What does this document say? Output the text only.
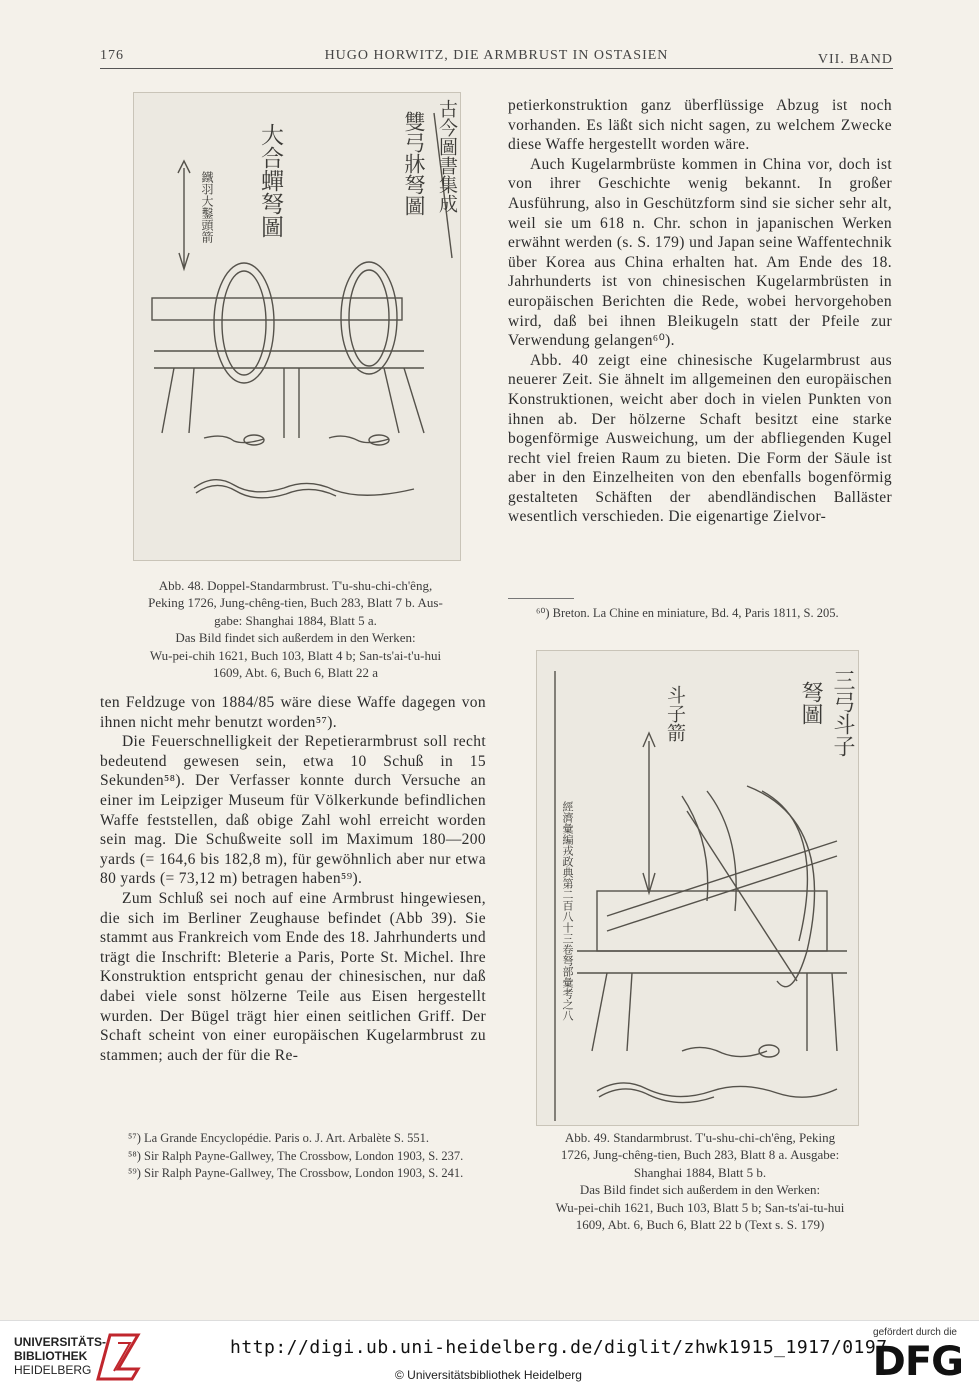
176	HUGO HORWITZ, DIE ARMBRUST IN OSTASIEN	VII. BAND
古今圖書集成
雙弓牀弩圖
大合蟬弩圖
鐵羽大鑿頭箭
Abb. 48. Doppel-Standarmbrust. T'u-shu-chi-ch'êng,
Peking 1726, Jung-chêng-tien, Buch 283, Blatt 7 b. Aus-
gabe: Shanghai 1884, Blatt 5 a.
Das Bild findet sich außerdem in den Werken:
Wu-pei-chih 1621, Buch 103, Blatt 4 b; San-ts'ai-t'u-hui
1609, Abt. 6, Buch 6, Blatt 22 a

petierkonstruktion ganz überflüssige Abzug ist noch vorhanden. Es läßt sich nicht sagen, zu welchem Zwecke diese Waffe hergestellt worden wäre.

Auch Kugelarmbrüste kommen in China vor, doch ist von ihrer Geschichte wenig bekannt. In großer Ausführung, also in Geschützform sind sie sicher sehr alt, weil sie um 618 n. Chr. schon in japanischen Werken erwähnt werden (s. S. 179) und Japan seine Waffentechnik über Korea aus China erhalten hat. Am Ende des 18. Jahrhunderts ist von chinesischen Kugelarmbrüsten in europäischen Berichten die Rede, wobei hervorgehoben wird, daß bei ihnen Bleikugeln statt der Pfeile zur Verwendung gelangen⁶⁰).

Abb. 40 zeigt eine chinesische Kugelarmbrust aus neuerer Zeit. Sie ähnelt im allgemeinen den europäischen Konstruktionen, weicht aber doch in vielen Punkten von ihnen ab. Der hölzerne Schaft besitzt eine starke bogenförmige Ausweichung, um der abfliegenden Kugel recht viel freien Raum zu bieten. Die Form der Säule ist aber in den Einzelheiten von den ebenfalls bogenförmig gestalteten Schäften der abendländischen Balläster wesentlich verschieden. Die eigenartige Zielvor-

⁶⁰) Breton. La Chine en miniature, Bd. 4, Paris 1811, S. 205.

三弓斗子
弩圖
斗子箭
經濟彙編戎政典第二百八十三卷弩部彙考之八
Abb. 49. Standarmbrust. T'u-shu-chi-ch'êng, Peking
1726, Jung-chêng-tien, Buch 283, Blatt 8 a. Ausgabe:
Shanghai 1884, Blatt 5 b.
Das Bild findet sich außerdem in den Werken:
Wu-pei-chih 1621, Buch 103, Blatt 5 b; San-ts'ai-tu-hui
1609, Abt. 6, Buch 6, Blatt 22 b (Text s. S. 179)

ten Feldzuge von 1884/85 wäre diese Waffe dagegen von ihnen nicht mehr benutzt worden⁵⁷).

Die Feuerschnelligkeit der Repetierarmbrust soll recht bedeutend gewesen sein, etwa 10 Schuß in 15 Sekunden⁵⁸). Der Verfasser konnte durch Versuche an einer im Leipziger Museum für Völkerkunde befindlichen Waffe feststellen, daß obige Zahl wohl erreicht worden sein mag. Die Schußweite soll im Maximum 180—200 yards (= 164,6 bis 182,8 m), für gewöhnlich aber nur etwa 80 yards (= 73,12 m) betragen haben⁵⁹).

Zum Schluß sei noch auf eine Armbrust hingewiesen, die sich im Berliner Zeughause befindet (Abb 39). Sie stammt aus Frankreich vom Ende des 18. Jahrhunderts und trägt die Inschrift: Bleterie a Paris, Porte St. Michel. Ihre Konstruktion entspricht genau der chinesischen, nur daß dabei viele sonst hölzerne Teile aus Eisen hergestellt wurden. Der Bügel trägt hier einen seitlichen Griff. Der Schaft scheint von einer europäischen Kugelarmbrust zu stammen; auch der für die Re-

⁵⁷) La Grande Encyclopédie. Paris o. J. Art. Arbalète S. 551.

⁵⁸) Sir Ralph Payne-Gallwey, The Crossbow, London 1903, S. 237.

⁵⁹) Sir Ralph Payne-Gallwey, The Crossbow, London 1903, S. 241.

UNIVERSITÄTS-
BIBLIOTHEK
HEIDELBERG
http://digi.ub.uni-heidelberg.de/diglit/zhwk1915_1917/0197
© Universitätsbibliothek Heidelberg
gefördert durch die
DFG
